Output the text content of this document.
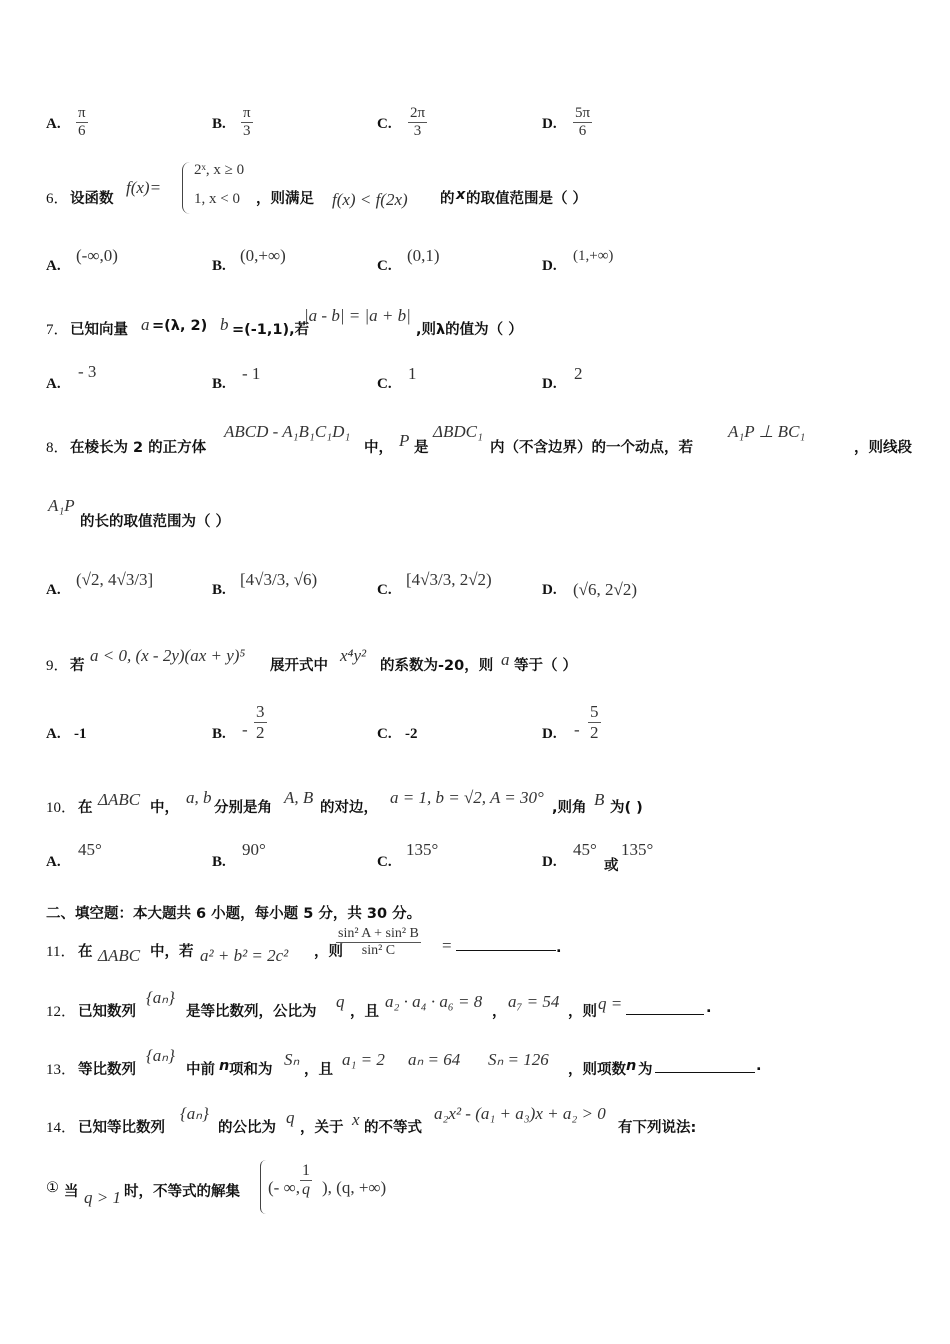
A. $\frac{\pi}{6}$	B. $\frac{\pi}{3}$	C. $\frac{2\pi}{3}$	D. $\frac{5\pi}{6}$
6． 设函数
f(x)=
2ˣ, x ≥ 0
1, x < 0 ，则满足 f(x) < f(2x) 的 x 的取值范围是（ ）
A.
(-∞,0)
B.
(0,+∞)
C.
(0,1)
D.
(1,+∞)
7． 已知向量 a =(λ, 2) b =(-1,1),若
|a - b| = |a + b|
,则λ的值为（ ）
A.
- 3
B.
- 1
C.
1
D.
2
8． 在棱长为 2 的正方体
ABCD - A₁B₁C₁D₁
中， P 是
ΔBDC₁
内（不含边界）的一个动点，若
A₁P ⊥ BC₁
，则线段
A₁P
的长的取值范围为（ ）
A.
(√2, 4√3/3]
B.
[4√3/3, √6)
C.
[4√3/3, 2√2)
D. (√6, 2√2)
9． 若
a < 0, (x - 2y)(ax + y)⁵
展开式中
x⁴y²
的系数为-20，则 a 等于（ ）
A. -1	B. - $\frac{3}{2}$	C. -2	D. - $\frac{5}{2}$
10． 在 ΔABC 中，
a, b
分别是角
A, B
的对边，
a = 1, b = √2, A = 30°
,则角 B 为( )
A.
45°
B.
90°
C.
135°
D.
45°
或
135°
二、填空题：本大题共 6 小题，每小题 5 分，共 30 分。
11． 在 ΔABC 中，若 a² + b² = 2c² ，则
$\frac{\text{sin² A + sin² B}}{\text{sin² C}}$ =	.
12． 已知数列
{aₙ}
是等比数列，公比为
q
，且
a₂ · a₄ · a₆ = 8
，
a₇ = 54
，则 q =	.
13． 等比数列
{aₙ}
中前 n 项和为
Sₙ
，且
a₁ = 2 aₙ = 64 Sₙ = 126
，则项数 n 为	.
14． 已知等比数列
{aₙ}
的公比为
q
，关于 x 的不等式
a₂x² - (a₁ + a₃)x + a₂ > 0
有下列说法:
① 当 q > 1 时，不等式的解集 (- ∞, $\frac{1}{q}$ ), (q, +∞)
